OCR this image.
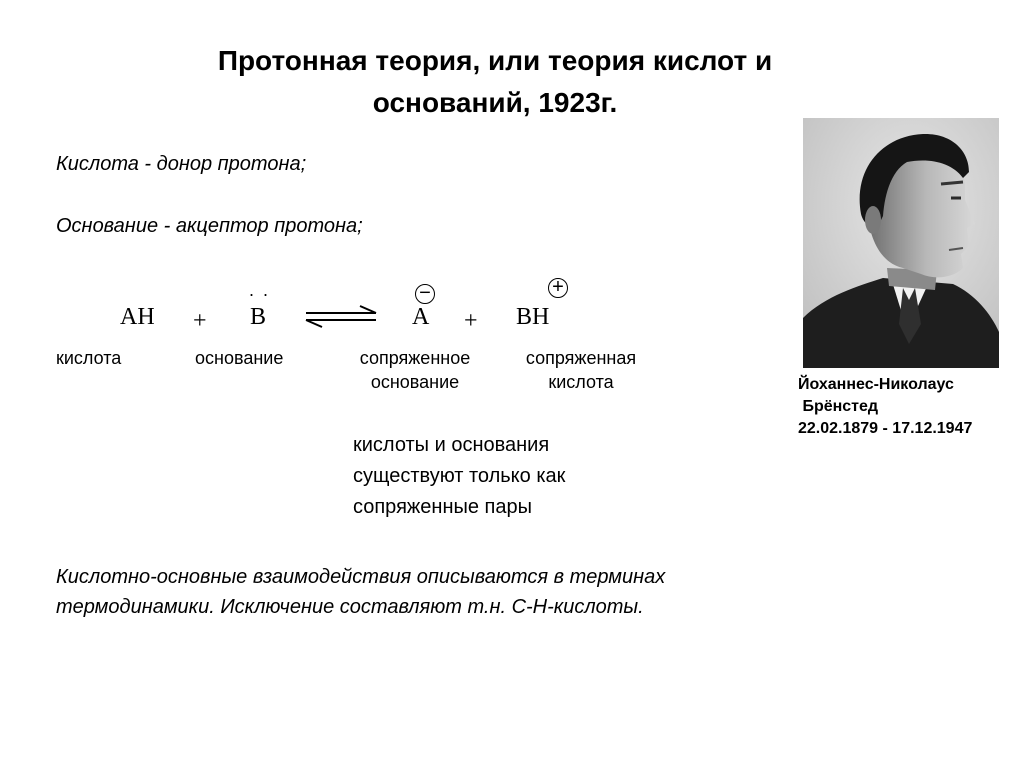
Протонная теория, или теория кислот и
оснований, 1923г.
Кислота - донор протона;
Основание - акцептор протона;
AH +
. .
B
−
A +
+
BH
кислота	основание	сопряженное
основание
сопряженная
кислота
кислоты и основания
существуют только как
сопряженные пары
Кислотно-основные взаимодействия описываются в терминах
термодинамики. Исключение составляют т.н. С-Н-кислоты.
Йоханнес-Николаус
Брёнстед
22.02.1879 - 17.12.1947
